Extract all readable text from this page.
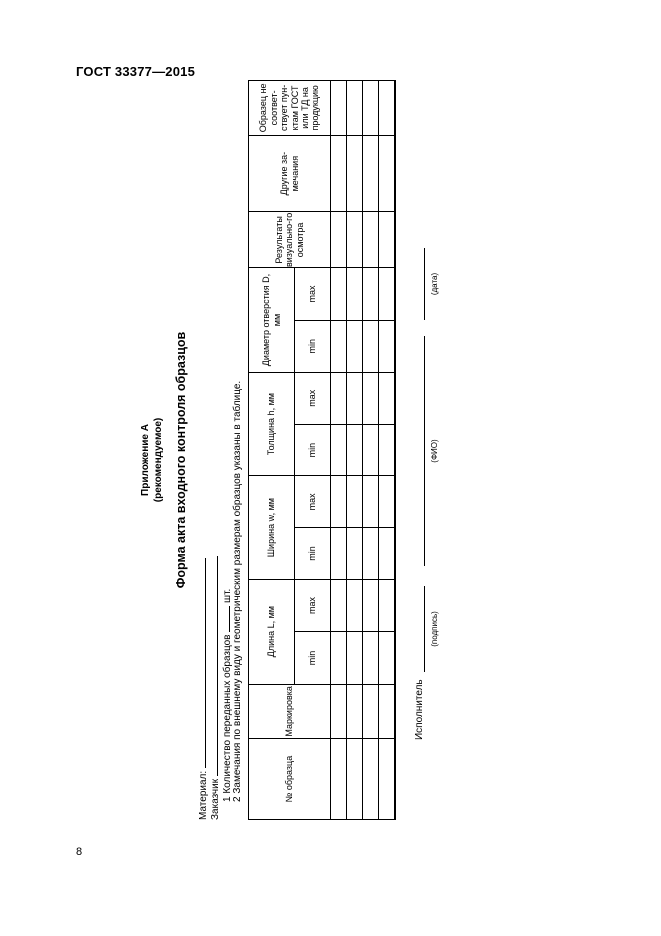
ГОСТ 33377—2015
Приложение А (рекомендуемое) Форма акта входного контроля образцов
Материал: Заказчик 1 Количество переданных образцов  шт.
2 Замечания по внешнему виду и геометрическим размерам образцов указаны в таблице.	№ образца	Маркировка	Длина L, мм		Ширина w, мм		Толщина h, мм		Диаметр отверстия D, мм		Результаты визуально-го осмотра	Другие за-мечания	Образец не соответ-ствует пун-ктам ГОСТ или ТД на продукцию
		min	max	min	max	min	max	min	max			

Исполнитель
(подпись)
(ФИО)
(дата)
8
